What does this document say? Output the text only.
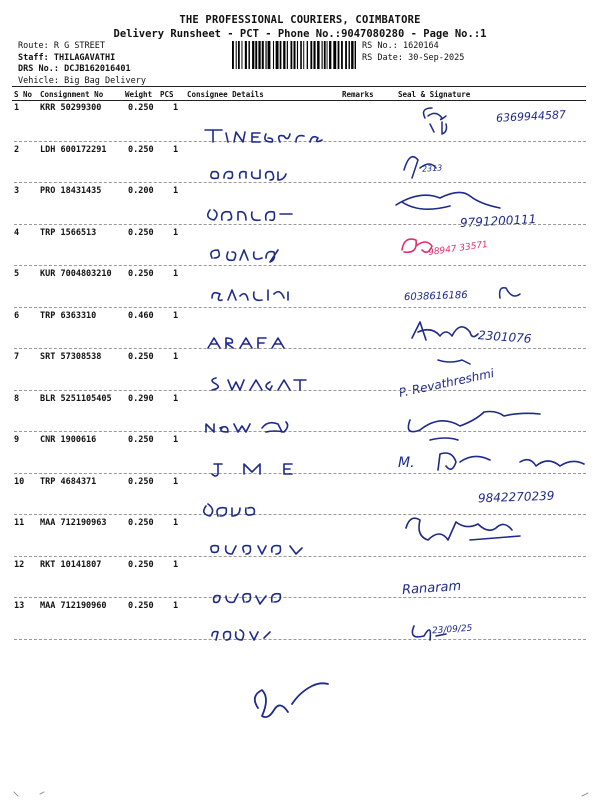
THE PROFESSIONAL COURIERS, COIMBATORE
Delivery Runsheet - PCT - Phone No.:9047080280 - Page No.:1
Route: R G STREET
Staff: THILAGAVATHI
DRS No.: DCJB162016401
Vehicle: Big Bag Delivery
RS No.: 1620164
RS Date: 30-Sep-2025
S No Consignment No	Weight PCS Consignee Details	Remarks	Seal & Signature
1 KRR 50299300	0.250 1
6369944587
2 LDH 600172291	0.250 1
2313
3 PRO 18431435	0.200 1
9791200111
4 TRP 1566513	0.250 1
98947 33571
5 KUR 7004803210 0.250 1
6038616186
6 TRP 6363310	0.460 1
2301076
7 SRT 57308538	0.250 1
P. Revathreshmi
8 BLR 5251105405 0.290 1
9 CNR 1900616	0.250 1
M.
10 TRP 4684371	0.250 1
9842270239
11 MAA 712190963	0.250 1
12 RKT 10141807	0.250 1
Ranaram
13 MAA 712190960	0.250 1
23/09/25
